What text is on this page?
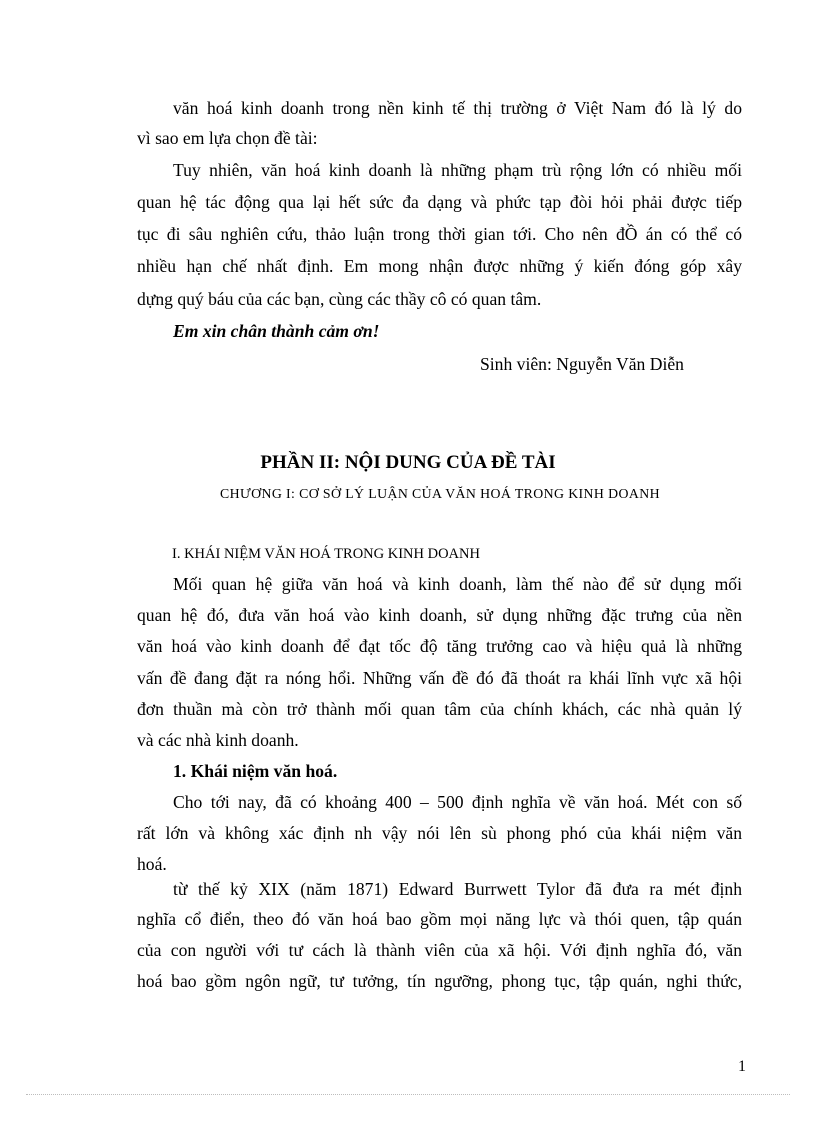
văn hoá kinh doanh trong nền kinh tế thị trường ở Việt Nam đó là lý do
vì sao em lựa chọn đề tài:
Tuy nhiên, văn hoá kinh doanh là những phạm trù rộng lớn có nhiều mối
quan hệ tác động qua lại hết sức đa dạng và phức tạp đòi hỏi phải được tiếp
tục đi sâu nghiên cứu, thảo luận trong thời gian tới. Cho nên đỒ án có thể có
nhiều hạn chế nhất định. Em mong nhận được những ý kiến đóng góp xây
dựng quý báu của các bạn, cùng các thầy cô có quan tâm.
Em xin chân thành cảm ơn!
Sinh viên: Nguyễn Văn Diễn
PHẦN II: NỘI DUNG CỦA ĐỀ TÀI
CHƯƠNG I: CƠ SỞ LÝ LUẬN CỦA VĂN HOÁ TRONG KINH DOANH
I. KHÁI NIỆM VĂN HOÁ TRONG KINH DOANH
Mối quan hệ giữa văn hoá và kinh doanh, làm thế nào để sử dụng mối
quan hệ đó, đưa văn hoá vào kinh doanh, sử dụng những đặc trưng của nền
văn hoá vào kinh doanh để đạt tốc độ tăng trưởng cao và hiệu quả là những
vấn đề đang đặt ra nóng hổi. Những vấn đề đó đã thoát ra khái lĩnh vực xã hội
đơn thuần mà còn trở thành mối quan tâm của chính khách, các nhà quản lý
và các nhà kinh doanh.
1. Khái niệm văn hoá.
Cho tới nay, đã có khoảng 400 – 500 định nghĩa về văn hoá. Mét con số
rất lớn và không xác định nh vậy nói lên sù phong phó của khái niệm văn
hoá.
từ thế kỷ XIX (năm 1871) Edward Burrwett Tylor đã đưa ra mét định
nghĩa cổ điển, theo đó văn hoá bao gồm mọi năng lực và thói quen, tập quán
của con người với tư cách là thành viên của xã hội. Với định nghĩa đó, văn
hoá bao gồm ngôn ngữ, tư tưởng, tín ngưỡng, phong tục, tập quán, nghi thức,
1
